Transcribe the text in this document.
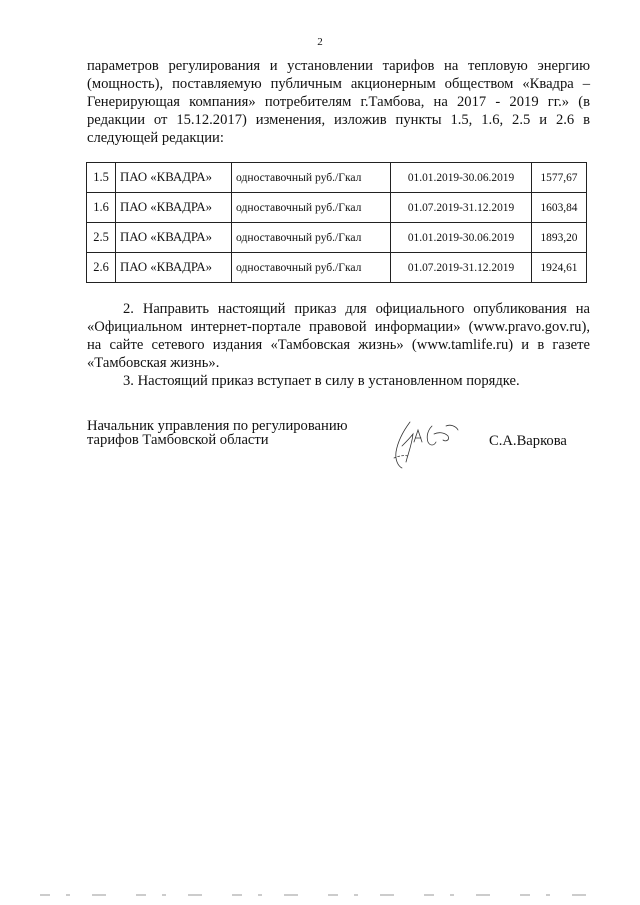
2
параметров регулирования и установлении тарифов на тепловую энергию
(мощность), поставляемую публичным акционерным обществом «Квадра –
Генерирующая компания» потребителям г.Тамбова, на 2017 - 2019 гг.» (в
редакции от 15.12.2017) изменения, изложив пункты 1.5, 1.6, 2.5 и 2.6 в
следующей редакции:
1.5	ПАО «КВАДРА»	одноставочный руб./Гкал	01.01.2019-30.06.2019	1577,67
1.6	ПАО «КВАДРА»	одноставочный руб./Гкал	01.07.2019-31.12.2019	1603,84
2.5	ПАО «КВАДРА»	одноставочный руб./Гкал	01.01.2019-30.06.2019	1893,20
2.6	ПАО «КВАДРА»	одноставочный руб./Гкал	01.07.2019-31.12.2019	1924,61
2. Направить настоящий приказ для официального опубликования на
«Официальном интернет-портале правовой информации» (www.pravo.gov.ru),
на сайте сетевого издания «Тамбовская жизнь» (www.tamlife.ru) и в газете
«Тамбовская жизнь».
3. Настоящий приказ вступает в силу в установленном порядке.
Начальник управления по регулированию
тарифов Тамбовской области	С.А.Варкова
